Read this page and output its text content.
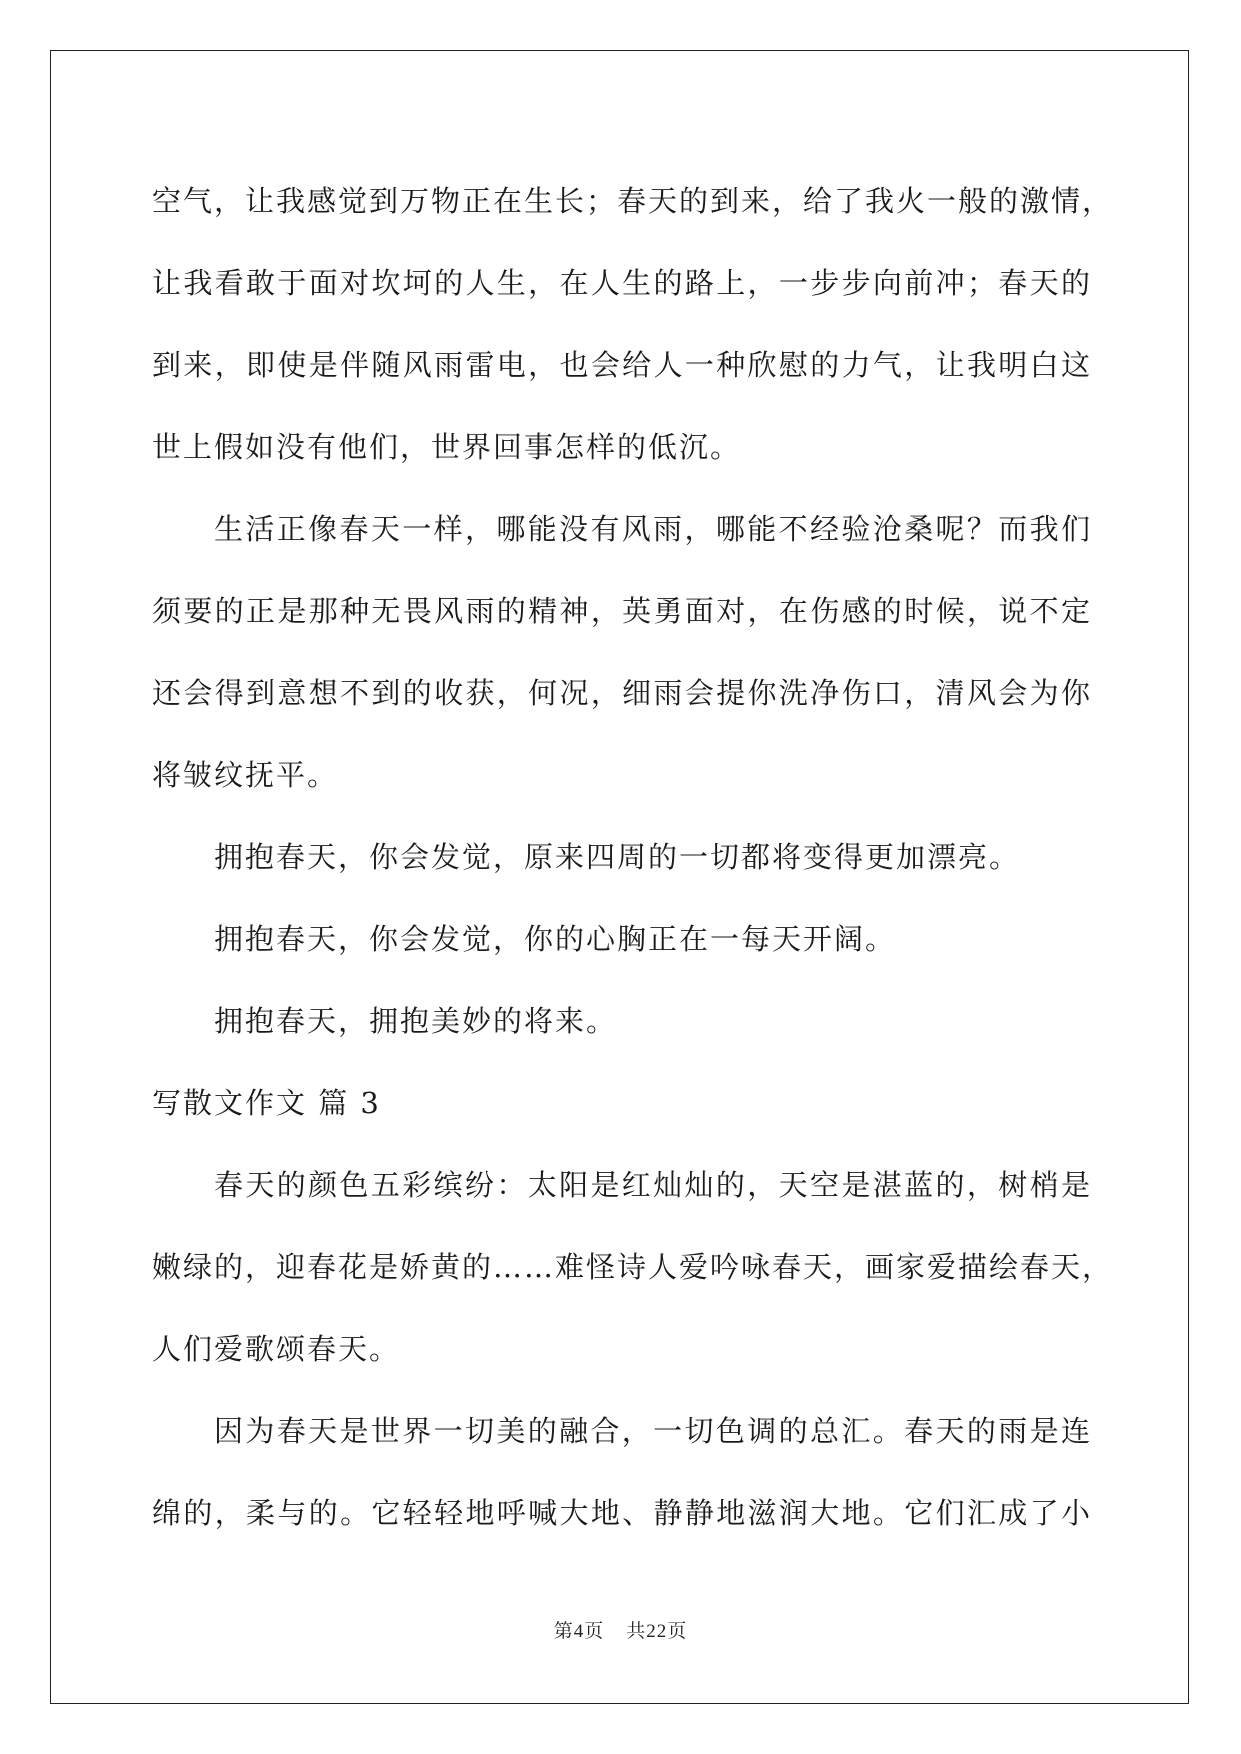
空气，让我感觉到万物正在生长；春天的到来，给了我火一般的激情，
让我看敢于面对坎坷的人生，在人生的路上，一步步向前冲；春天的
到来，即使是伴随风雨雷电，也会给人一种欣慰的力气，让我明白这
世上假如没有他们，世界回事怎样的低沉。
生活正像春天一样，哪能没有风雨，哪能不经验沧桑呢？而我们
须要的正是那种无畏风雨的精神，英勇面对，在伤感的时候，说不定
还会得到意想不到的收获，何况，细雨会提你洗净伤口，清风会为你
将皱纹抚平。
拥抱春天，你会发觉，原来四周的一切都将变得更加漂亮。
拥抱春天，你会发觉，你的心胸正在一每天开阔。
拥抱春天，拥抱美妙的将来。
写散文作文 篇 3
春天的颜色五彩缤纷：太阳是红灿灿的，天空是湛蓝的，树梢是
嫩绿的，迎春花是娇黄的……难怪诗人爱吟咏春天，画家爱描绘春天，
人们爱歌颂春天。
因为春天是世界一切美的融合，一切色调的总汇。春天的雨是连
绵的，柔与的。它轻轻地呼喊大地、静静地滋润大地。它们汇成了小
第4页 共22页
